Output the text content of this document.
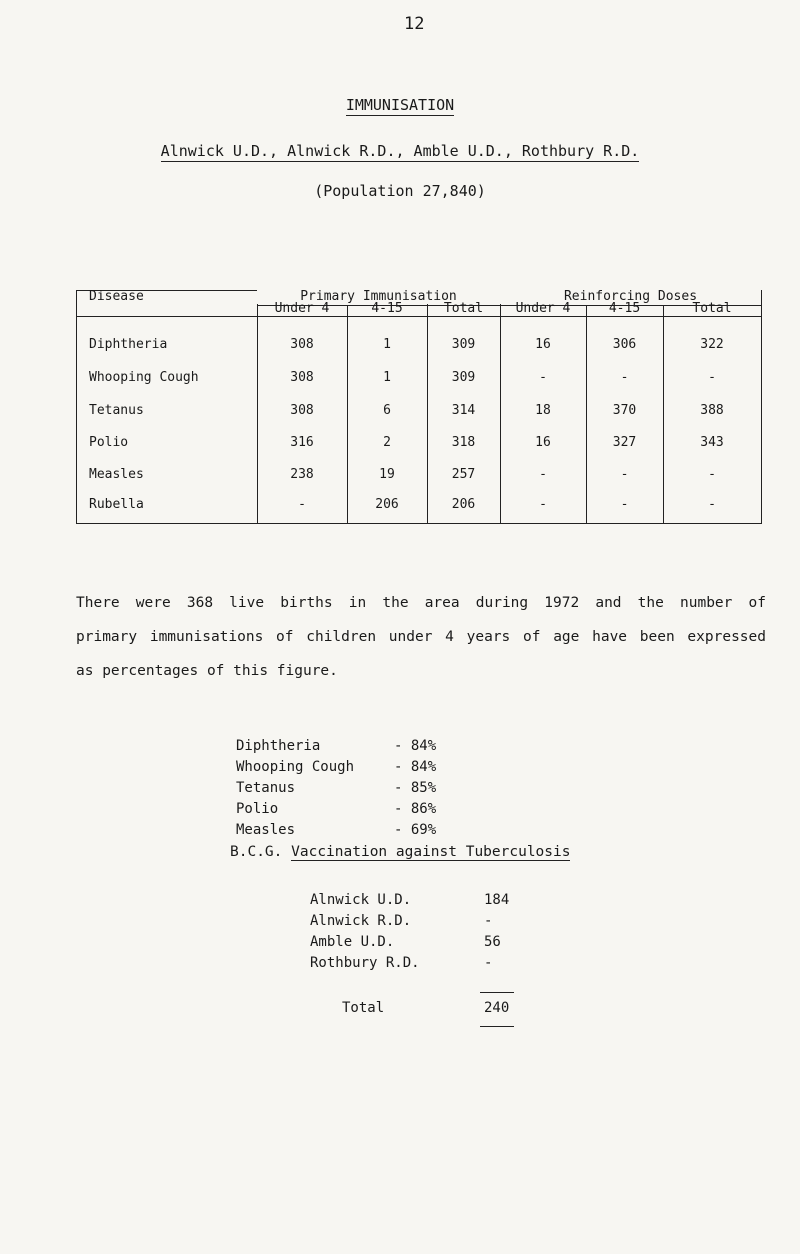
12
IMMUNISATION
Alnwick U.D., Alnwick R.D., Amble U.D., Rothbury R.D.
(Population 27,840)
Disease	Primary Immunisation	Reinforcing Doses
Under 4	4-15	Total	Under 4	4-15	Total
Diphtheria	308	1	309	16	306	322
Whooping Cough	308	1	309	-	-	-
Tetanus	308	6	314	18	370	388
Polio	316	2	318	16	327	343
Measles	238	19	257	-	-	-
Rubella	-	206	206	-	-	-
There were 368 live births in the area during 1972 and the number of
primary immunisations of children under 4 years of age have been expressed
as percentages of this figure.
Diphtheria	- 84%
Whooping Cough	- 84%
Tetanus	- 85%
Polio	- 86%
Measles	- 69%
B.C.G. Vaccination against Tuberculosis
Alnwick U.D.	184
Alnwick R.D.	-
Amble U.D.	56
Rothbury R.D.	-
Total	240
